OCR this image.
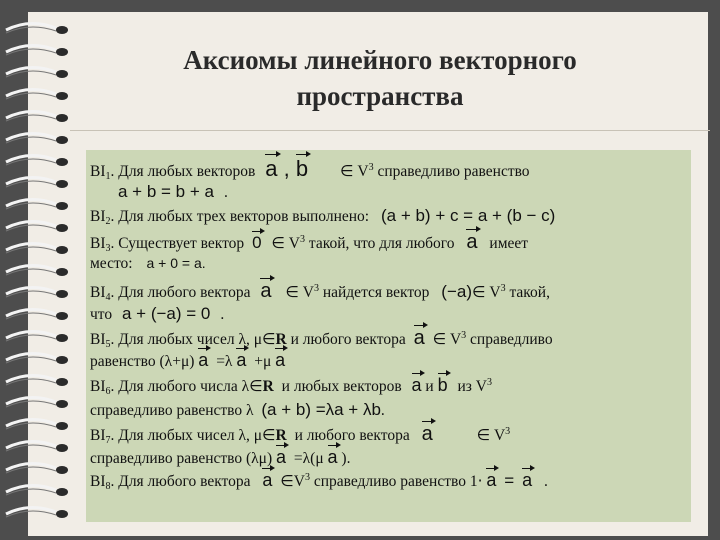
Аксиомы линейного векторного
пространства
$ВІ_1$. Для любых векторов a , b ∈ $V^3$ справедливо равенство
a + b = b + a .
$ВІ_2$. Для любых трех векторов выполнено: (a + b) + c = a + (b − c)
$ВІ_3$. Существует вектор 0 ∈ $V^3$ такой, что для любого a имеет
место: a + 0 = a.
$ВІ_4$. Для любого вектора a ∈ $V^3$ найдется вектор (−a)∈ $V^3$ такой,
что a + (−a) = 0 .
$ВІ_5$. Для любых чисел λ, μ∈R и любого вектора a ∈ $V^3$ справедливо
равенство (λ+μ) a =λ a +μ a
$ВІ_6$. Для любого числа λ∈R и любых векторов a и b из $V^3$
справедливо равенство λ (a + b) =λa + λb.
$ВІ_7$. Для любых чисел λ, μ∈R и любого вектора a	∈ $V^3$
справедливо равенство (λμ) a =λ(μ a ).
$ВІ_8$. Для любого вектора a $\in V^3$ справедливо равенство 1⋅ a = a .
